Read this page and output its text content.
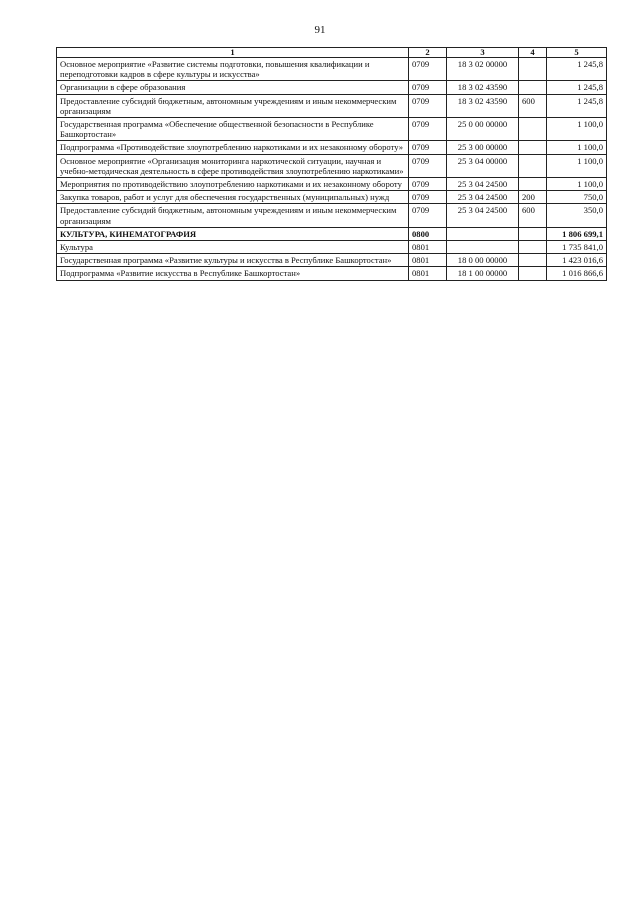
91
1	2	3	4	5
Основное мероприятие «Развитие системы подготовки, повышения квалификации и переподготовки кадров в сфере культуры и искусства»	0709	18 3 02 00000		1 245,8
Организации в сфере образования	0709	18 3 02 43590		1 245,8
Предоставление субсидий бюджетным, автономным учреждениям и иным некоммерческим организациям	0709	18 3 02 43590	600	1 245,8
Государственная программа «Обеспечение общественной безопасности в Республике Башкортостан»	0709	25 0 00 00000		1 100,0
Подпрограмма «Противодействие злоупотреблению наркотиками и их незаконному обороту»	0709	25 3 00 00000		1 100,0
Основное мероприятие «Организация мониторинга наркотической ситуации, научная и учебно-методическая деятельность в сфере противодействия злоупотреблению наркотиками»	0709	25 3 04 00000		1 100,0
Мероприятия по противодействию злоупотреблению наркотиками и их незаконному обороту	0709	25 3 04 24500		1 100,0
Закупка товаров, работ и услуг для обеспечения государственных (муниципальных) нужд	0709	25 3 04 24500	200	750,0
Предоставление субсидий бюджетным, автономным учреждениям и иным некоммерческим организациям	0709	25 3 04 24500	600	350,0
КУЛЬТУРА, КИНЕМАТОГРАФИЯ	0800			1 806 699,1
Культура	0801			1 735 841,0
Государственная программа «Развитие культуры и искусства в Республике Башкортостан»	0801	18 0 00 00000		1 423 016,6
Подпрограмма «Развитие искусства в Республике Башкортостан»	0801	18 1 00 00000		1 016 866,6
